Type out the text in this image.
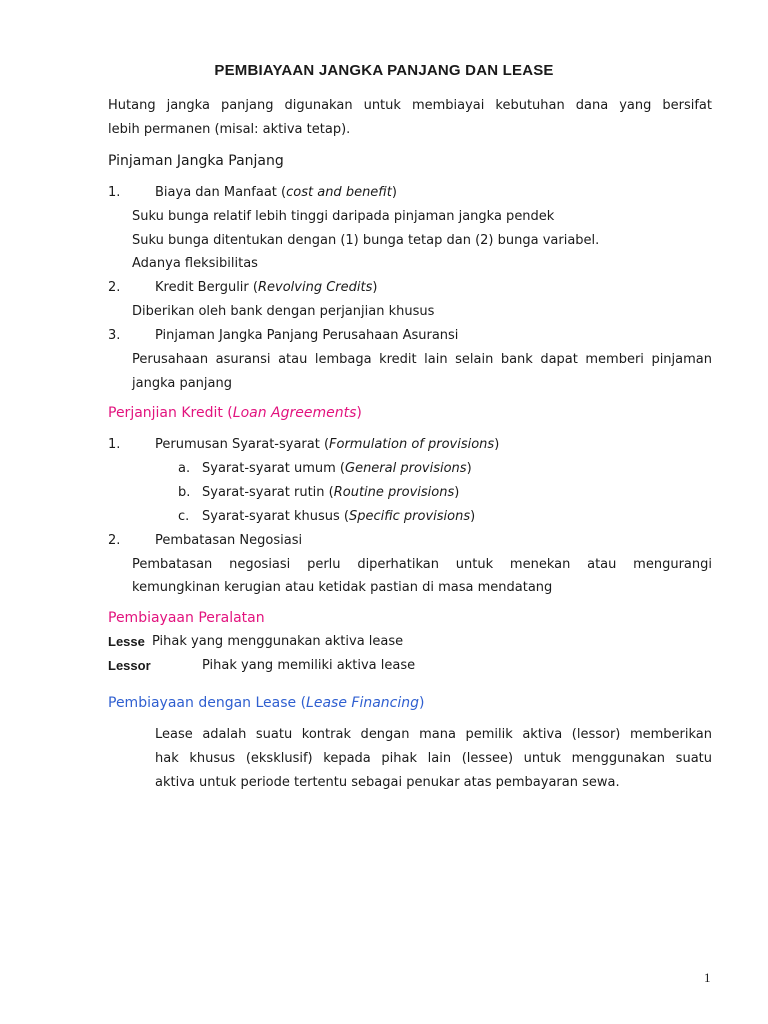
PEMBIAYAAN JANGKA PANJANG DAN LEASE
Hutang jangka panjang digunakan untuk membiayai kebutuhan dana yang bersifat
lebih permanen (misal: aktiva tetap).
Pinjaman Jangka Panjang
1.	Biaya dan Manfaat (cost and benefit)
Suku bunga relatif lebih tinggi daripada pinjaman jangka pendek
Suku bunga ditentukan dengan (1) bunga tetap dan (2) bunga variabel.
Adanya fleksibilitas
2.	Kredit Bergulir (Revolving Credits)
Diberikan oleh bank dengan perjanjian khusus
3.	Pinjaman Jangka Panjang Perusahaan Asuransi
Perusahaan asuransi atau lembaga kredit lain selain bank dapat memberi pinjaman
jangka panjang
Perjanjian Kredit (Loan Agreements)
1.	Perumusan Syarat-syarat (Formulation of provisions)
a. Syarat-syarat umum (General provisions)
b. Syarat-syarat rutin (Routine provisions)
c. Syarat-syarat khusus (Specific provisions)
2.	Pembatasan Negosiasi
Pembatasan negosiasi perlu diperhatikan untuk menekan atau mengurangi
kemungkinan kerugian atau ketidak pastian di masa mendatang
Pembiayaan Peralatan
Lesse Pihak yang menggunakan aktiva lease
Lessor	Pihak yang memiliki aktiva lease
Pembiayaan dengan Lease (Lease Financing)
Lease adalah suatu kontrak dengan mana pemilik aktiva (lessor) memberikan
hak khusus (eksklusif) kepada pihak lain (lessee) untuk menggunakan suatu
aktiva untuk periode tertentu sebagai penukar atas pembayaran sewa.
1
